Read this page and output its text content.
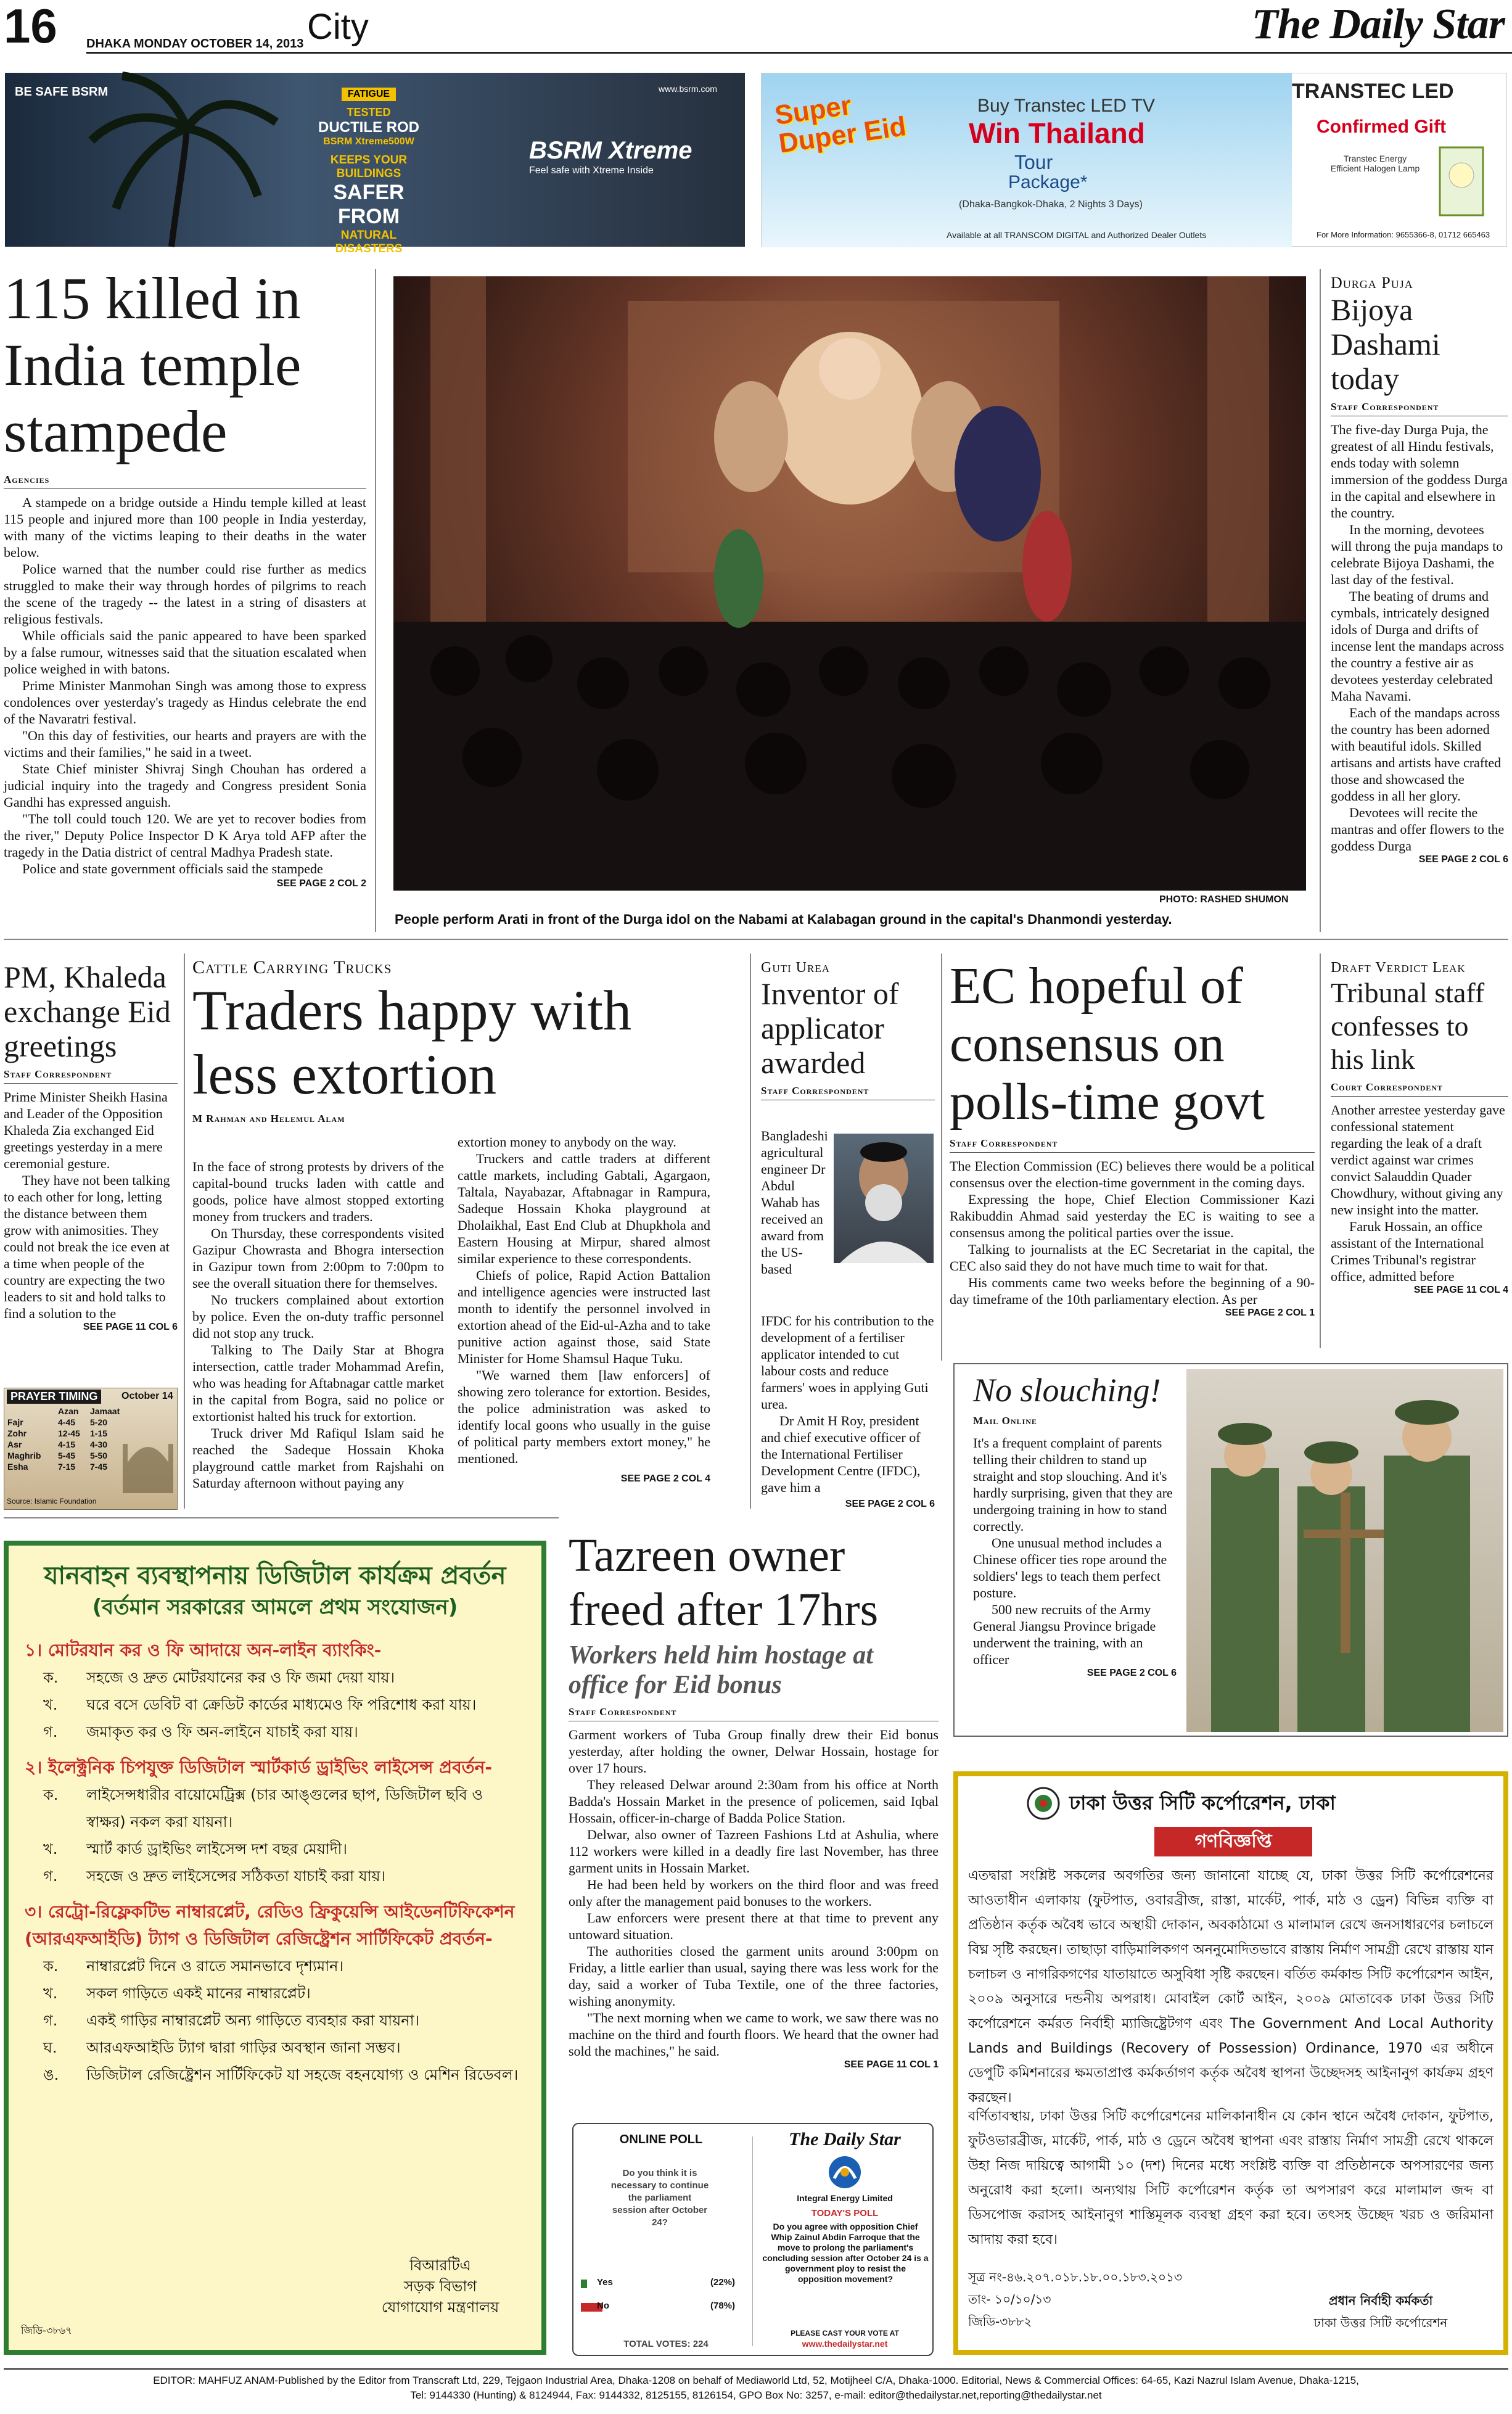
16 DHAKA MONDAY OCTOBER 14, 2013 City	The Daily Star
BE SAFE BSRM	FATIGUE
TESTED
DUCTILE ROD
BSRM Xtreme500W
KEEPS YOUR BUILDINGS
SAFER FROM
NATURAL DISASTERS
BSRM Xtreme
Feel safe with Xtreme Inside
www.bsrm.com
Super Duper Eid
Buy Transtec LED TV
Win Thailand
Tour
Package*
(Dhaka-Bangkok-Dhaka, 2 Nights 3 Days)
TRANSTEC LED
Confirmed Gift
Transtec Energy Efficient Halogen Lamp
Available at all TRANSCOM DIGITAL and Authorized Dealer Outlets	For More Information: 9655366-8, 01712 665463
115 killed in India temple stampede
Agencies

A stampede on a bridge outside a Hindu temple killed at least 115 people and injured more than 100 people in India yesterday, with many of the victims leaping to their deaths in the water below.

Police warned that the number could rise further as medics struggled to make their way through hordes of pilgrims to reach the scene of the tragedy -- the latest in a string of disasters at religious festivals.

While officials said the panic appeared to have been sparked by a false rumour, witnesses said that the situation escalated when police weighed in with batons.

Prime Minister Manmohan Singh was among those to express condolences over yesterday's tragedy as Hindus celebrate the end of the Navaratri festival.

"On this day of festivities, our hearts and prayers are with the victims and their families," he said in a tweet.

State Chief minister Shivraj Singh Chouhan has ordered a judicial inquiry into the tragedy and Congress president Sonia Gandhi has expressed anguish.

"The toll could touch 120. We are yet to recover bodies from the river," Deputy Police Inspector D K Arya told AFP after the tragedy in the Datia district of central Madhya Pradesh state.

Police and state government officials said the stampede

SEE PAGE 2 COL 2
PHOTO: RASHED SHUMON
People perform Arati in front of the Durga idol on the Nabami at Kalabagan ground in the capital's Dhanmondi yesterday.
Durga Puja
Bijoya Dashami today
Staff Correspondent

The five-day Durga Puja, the greatest of all Hindu festivals, ends today with solemn immersion of the goddess Durga in the capital and elsewhere in the country.

In the morning, devotees will throng the puja mandaps to celebrate Bijoya Dashami, the last day of the festival.

The beating of drums and cymbals, intricately designed idols of Durga and drifts of incense lent the mandaps across the country a festive air as devotees yesterday celebrated Maha Navami.

Each of the mandaps across the country has been adorned with beautiful idols. Skilled artisans and artists have crafted those and showcased the goddess in all her glory.

Devotees will recite the mantras and offer flowers to the goddess Durga

SEE PAGE 2 COL 6
PM, Khaleda exchange Eid greetings
Staff Correspondent

Prime Minister Sheikh Hasina and Leader of the Opposition Khaleda Zia exchanged Eid greetings yesterday in a mere ceremonial gesture.

They have not been talking to each other for long, letting the distance between them grow with animosities. They could not break the ice even at a time when people of the country are expecting the two leaders to sit and hold talks to find a solution to the

SEE PAGE 11 COL 6
PRAYER TIMING	October 14
	Azan	Jamaat
Fajr	4-45	5-20
Zohr	12-45	1-15
Asr	4-15	4-30
Maghrib	5-45	5-50
Esha	7-15	7-45
Source: Islamic Foundation
Cattle Carrying Trucks
Traders happy with less extortion
M Rahman and Helemul Alam

In the face of strong protests by drivers of the capital-bound trucks laden with cattle and goods, police have almost stopped extorting money from truckers and traders.

On Thursday, these correspondents visited Gazipur Chowrasta and Bhogra intersection in Gazipur town from 2:00pm to 7:00pm to see the overall situation there for themselves.

No truckers complained about extortion by police. Even the on-duty traffic personnel did not stop any truck.

Talking to The Daily Star at Bhogra intersection, cattle trader Mohammad Arefin, who was heading for Aftabnagar cattle market in the capital from Bogra, said no police or extortionist halted his truck for extortion.

Truck driver Md Rafiqul Islam said he reached the Sadeque Hossain Khoka playground cattle market from Rajshahi on Saturday afternoon without paying any

extortion money to anybody on the way.

Truckers and cattle traders at different cattle markets, including Gabtali, Agargaon, Taltala, Nayabazar, Aftabnagar in Rampura, Sadeque Hossain Khoka playground at Dholaikhal, East End Club at Dhupkhola and Eastern Housing at Mirpur, shared almost similar experience to these correspondents.

Chiefs of police, Rapid Action Battalion and intelligence agencies were instructed last month to identify the personnel involved in extortion ahead of the Eid-ul-Azha and to take punitive action against those, said State Minister for Home Shamsul Haque Tuku.

"We warned them [law enforcers] of showing zero tolerance for extortion. Besides, the police administration was asked to identify local goons who usually in the guise of political party members extort money," he mentioned.

SEE PAGE 2 COL 4
Guti Urea
Inventor of applicator awarded
Staff Correspondent
Bangladeshi agricultural engineer Dr Abdul Wahab has received an award from the US-based

IFDC for his contribution to the development of a fertiliser applicator intended to cut labour costs and reduce farmers' woes in applying Guti urea.

Dr Amit H Roy, president and chief executive officer of the International Fertiliser Development Centre (IFDC), gave him a

SEE PAGE 2 COL 6
EC hopeful of consensus on polls-time govt
Staff Correspondent

The Election Commission (EC) believes there would be a political consensus over the election-time government in the coming days.

Expressing the hope, Chief Election Commissioner Kazi Rakibuddin Ahmad said yesterday the EC is waiting to see a consensus among the political parties over the issue.

Talking to journalists at the EC Secretariat in the capital, the CEC also said they do not have much time to wait for that.

His comments came two weeks before the beginning of a 90-day timeframe of the 10th parliamentary election. As per

SEE PAGE 2 COL 1
Draft Verdict Leak
Tribunal staff confesses to his link
Court Correspondent

Another arrestee yesterday gave confessional statement regarding the leak of a draft verdict against war crimes convict Salauddin Quader Chowdhury, without giving any new insight into the matter.

Faruk Hossain, an office assistant of the International Crimes Tribunal's registrar office, admitted before

SEE PAGE 11 COL 4
No slouching!
Mail Online

It's a frequent complaint of parents telling their children to stand up straight and stop slouching. And it's hardly surprising, given that they are undergoing training in how to stand correctly.

One unusual method includes a Chinese officer ties rope around the soldiers' legs to teach them perfect posture.

500 new recruits of the Army General Jiangsu Province brigade underwent the training, with an officer

SEE PAGE 2 COL 6
যানবাহন ব্যবস্থাপনায় ডিজিটাল কার্যক্রম প্রবর্তন
(বর্তমান সরকারের আমলে প্রথম সংযোজন)
১। মোটরযান কর ও ফি আদায়ে অন-লাইন ব্যাংকিং-
ক.	সহজে ও দ্রুত মোটরযানের কর ও ফি জমা দেয়া যায়।
খ.	ঘরে বসে ডেবিট বা ক্রেডিট কার্ডের মাধ্যমেও ফি পরিশোধ করা যায়।
গ.	জমাকৃত কর ও ফি অন-লাইনে যাচাই করা যায়।
২। ইলেক্ট্রনিক চিপযুক্ত ডিজিটাল স্মার্টকার্ড ড্রাইভিং লাইসেন্স প্রবর্তন-
ক.	লাইসেন্সধারীর বায়োমেট্রিক্স (চার আঙ্গুলের ছাপ, ডিজিটাল ছবি ও স্বাক্ষর) নকল করা যায়না।
খ.	স্মার্ট কার্ড ড্রাইভিং লাইসেন্স দশ বছর মেয়াদী।
গ.	সহজে ও দ্রুত লাইসেন্সের সঠিকতা যাচাই করা যায়।
৩। রেট্রো-রিফ্লেকটিভ নাম্বারপ্লেট, রেডিও ফ্রিকুয়েন্সি আইডেনটিফিকেশন (আরএফআইডি) ট্যাগ ও ডিজিটাল রেজিষ্ট্রেশন সার্টিফিকেট প্রবর্তন-
ক.	নাম্বারপ্লেট দিনে ও রাতে সমানভাবে দৃশ্যমান।
খ.	সকল গাড়িতে একই মানের নাম্বারপ্লেট।
গ.	একই গাড়ির নাম্বারপ্লেট অন্য গাড়িতে ব্যবহার করা যায়না।
ঘ.	আরএফআইডি ট্যাগ দ্বারা গাড়ির অবস্থান জানা সম্ভব।
ঙ.	ডিজিটাল রেজিষ্ট্রেশন সার্টিফিকেট যা সহজে বহনযোগ্য ও মেশিন রিডেবল।
বিআরটিএ
সড়ক বিভাগ
যোগাযোগ মন্ত্রণালয়
জিডি-৩৮৬৭
Tazreen owner freed after 17hrs
Workers held him hostage at office for Eid bonus
Staff Correspondent

Garment workers of Tuba Group finally drew their Eid bonus yesterday, after holding the owner, Delwar Hossain, hostage for over 17 hours.

They released Delwar around 2:30am from his office at North Badda's Hossain Market in the presence of policemen, said Iqbal Hossain, officer-in-charge of Badda Police Station.

Delwar, also owner of Tazreen Fashions Ltd at Ashulia, where 112 workers were killed in a deadly fire last November, has three garment units in Hossain Market.

He had been held by workers on the third floor and was freed only after the management paid bonuses to the workers.

Law enforcers were present there at that time to prevent any untoward situation.

The authorities closed the garment units around 3:00pm on Friday, a little earlier than usual, saying there was less work for the day, said a worker of Tuba Textile, one of the three factories, wishing anonymity.

"The next morning when we came to work, we saw there was no machine on the third and fourth floors. We heard that the owner had sold the machines," he said.

SEE PAGE 11 COL 1
ONLINE POLL
Do you think it is necessary to continue the parliament session after October 24?
Yes	(22%)
No	(78%)
TOTAL VOTES: 224
The Daily Star
Integral Energy Limited
TODAY'S POLL
Do you agree with opposition Chief Whip Zainul Abdin Farroque that the move to prolong the parliament's concluding session after October 24 is a government ploy to resist the opposition movement?
PLEASE CAST YOUR VOTE AT
www.thedailystar.net
ঢাকা উত্তর সিটি কর্পোরেশন, ঢাকা
গণবিজ্ঞপ্তি
এতদ্বারা সংশ্লিষ্ট সকলের অবগতির জন্য জানানো যাচ্ছে যে, ঢাকা উত্তর সিটি কর্পোরেশনের আওতাধীন এলাকায় (ফুটপাত, ওবারব্রীজ, রাস্তা, মার্কেট, পার্ক, মাঠ ও ড্রেন) বিভিন্ন ব্যক্তি বা প্রতিষ্ঠান কর্তৃক অবৈধ ভাবে অস্থায়ী দোকান, অবকাঠামো ও মালামাল রেখে জনসাধারণের চলাচলে বিঘ্ন সৃষ্টি করছেন। তাছাড়া বাড়িমালিকগণ অননুমোদিতভাবে রাস্তায় নির্মাণ সামগ্রী রেখে রাস্তায় যান চলাচল ও নাগরিকগণের যাতায়াতে অসুবিধা সৃষ্টি করছেন। বর্তিত কর্মকান্ড সিটি কর্পোরেশন আইন, ২০০৯ অনুসারে দন্ডনীয় অপরাধ। মোবাইল কোর্ট আইন, ২০০৯ মোতাবেক ঢাকা উত্তর সিটি কর্পোরেশনে কর্মরত নির্বাহী ম্যাজিষ্ট্রেটগণ এবং The Government And Local Authority Lands and Buildings (Recovery of Possession) Ordinance, 1970 এর অধীনে ডেপুটি কমিশনারের ক্ষমতাপ্রাপ্ত কর্মকর্তাগণ কর্তৃক অবৈধ স্থাপনা উচ্ছেদসহ আইনানুগ কার্যক্রম গ্রহণ করছেন।
বর্ণিতাবস্থায়, ঢাকা উত্তর সিটি কর্পোরেশনের মালিকানাধীন যে কোন স্থানে অবৈধ দোকান, ফুটপাত, ফুটওভারব্রীজ, মার্কেট, পার্ক, মাঠ ও ড্রেনে অবৈধ স্থাপনা এবং রাস্তায় নির্মাণ সামগ্রী রেখে থাকলে উহা নিজ দায়িত্বে আগামী ১০ (দশ) দিনের মধ্যে সংশ্লিষ্ট ব্যক্তি বা প্রতিষ্ঠানকে অপসারণের জন্য অনুরোধ করা হলো। অন্যথায় সিটি কর্পোরেশন কর্তৃক তা অপসারণ করে মালামাল জব্দ বা ডিসপোজ করাসহ আইনানুগ শাস্তিমূলক ব্যবস্থা গ্রহণ করা হবে। তৎসহ উচ্ছেদ খরচ ও জরিমানা আদায় করা হবে।
সূত্র নং-৪৬.২০৭.০১৮.১৮.০০.১৮৩.২০১৩
তাং- ১০/১০/১৩
জিডি-৩৮৮২
প্রধান নির্বাহী কর্মকর্তা
ঢাকা উত্তর সিটি কর্পোরেশন
EDITOR: MAHFUZ ANAM-Published by the Editor from Transcraft Ltd, 229, Tejgaon Industrial Area, Dhaka-1208 on behalf of Mediaworld Ltd, 52, Motijheel C/A, Dhaka-1000. Editorial, News & Commercial Offices: 64-65, Kazi Nazrul Islam Avenue, Dhaka-1215,
Tel: 9144330 (Hunting) & 8124944, Fax: 9144332, 8125155, 8126154, GPO Box No: 3257, e-mail: editor@thedailystar.net,reporting@thedailystar.net
